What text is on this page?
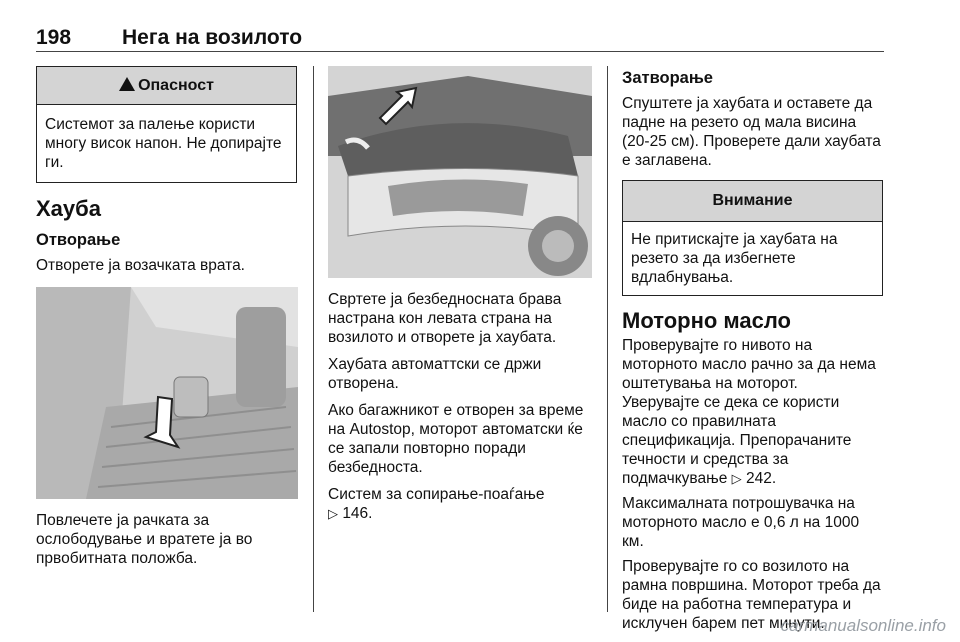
198 Нега на возилото
!Опасност
Системот за палење користи многу висок напон. Не допирајте ги.
Хауба
Отворање

Отворете ја возачката врата.

Повлечете ја рачката за ослободување и вратете ја во првобитната положба.

Свртете ја безбедносната брава настрана кон левата страна на возилото и отворете ја хаубата.

Хаубата автоматтски се држи отворена.

Ако багажникот е отворен за време на Autostop, моторот автоматски ќе се запали повторно поради безбедноста.

Систем за сопирање-поаѓање
▷ 146.

Затворање

Спуштете ја хаубата и оставете да падне на резето од мала висина (20-25 см). Проверете дали хаубата е заглавена.

Внимание
Не притискајте ја хаубата на резето за да избегнете вдлабнувања.
Моторно масло

Проверувајте го нивото на моторното масло рачно за да нема оштетувања на моторот.

Уверувајте се дека се користи масло со правилната спецификација. Препорачаните течности и средства за подмачкување ▷ 242.

Максималната потрошувачка на моторното масло е 0,6 л на 1000 км.

Проверувајте го со возилото на рамна површина. Моторот треба да биде на работна температура и исклучен барем пет минути.

carmanualsonline.info
